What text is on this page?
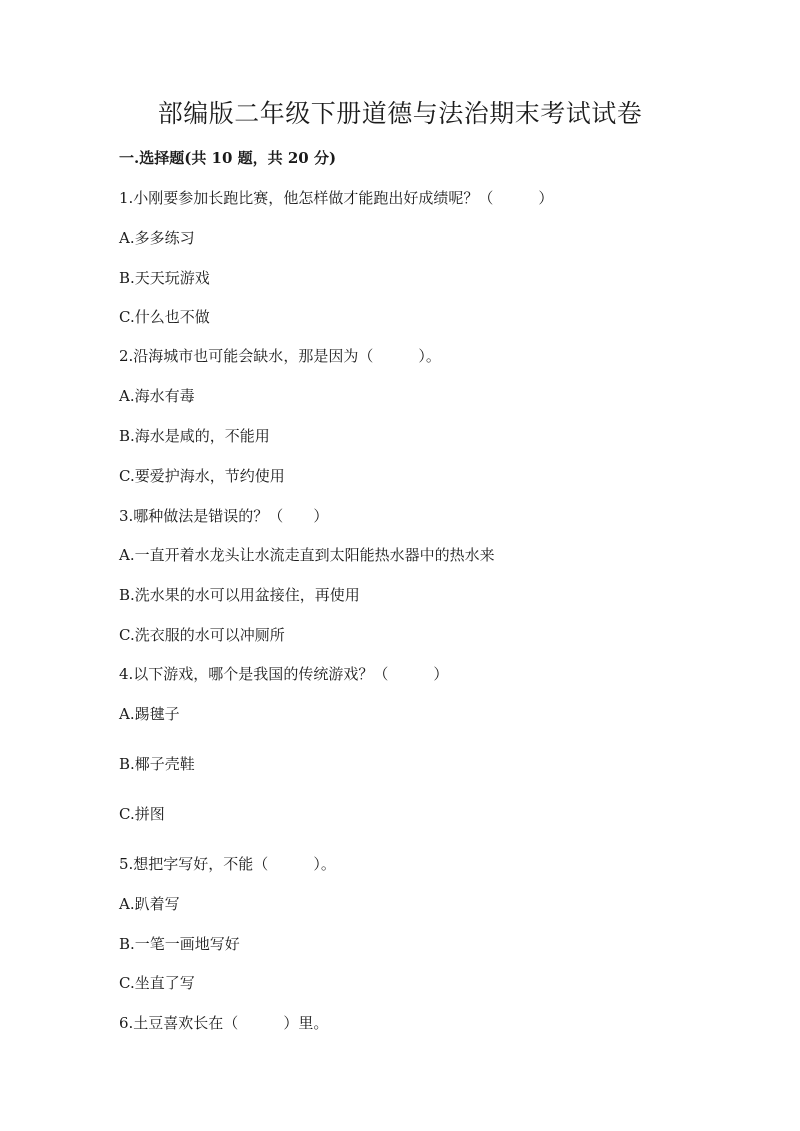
部编版二年级下册道德与法治期末考试试卷
一.选择题(共 10 题，共 20 分)
1.小刚要参加长跑比赛，他怎样做才能跑出好成绩呢？（　　　）
A.多多练习
B.天天玩游戏
C.什么也不做
2.沿海城市也可能会缺水，那是因为（　　　）。
A.海水有毒
B.海水是咸的，不能用
C.要爱护海水，节约使用
3.哪种做法是错误的？（　　）
A.一直开着水龙头让水流走直到太阳能热水器中的热水来
B.洗水果的水可以用盆接住，再使用
C.洗衣服的水可以冲厕所
4.以下游戏，哪个是我国的传统游戏？（　　　）
A.踢毽子
B.椰子壳鞋
C.拼图
5.想把字写好，不能（　　　）。
A.趴着写
B.一笔一画地写好
C.坐直了写
6.土豆喜欢长在（　　　）里。
